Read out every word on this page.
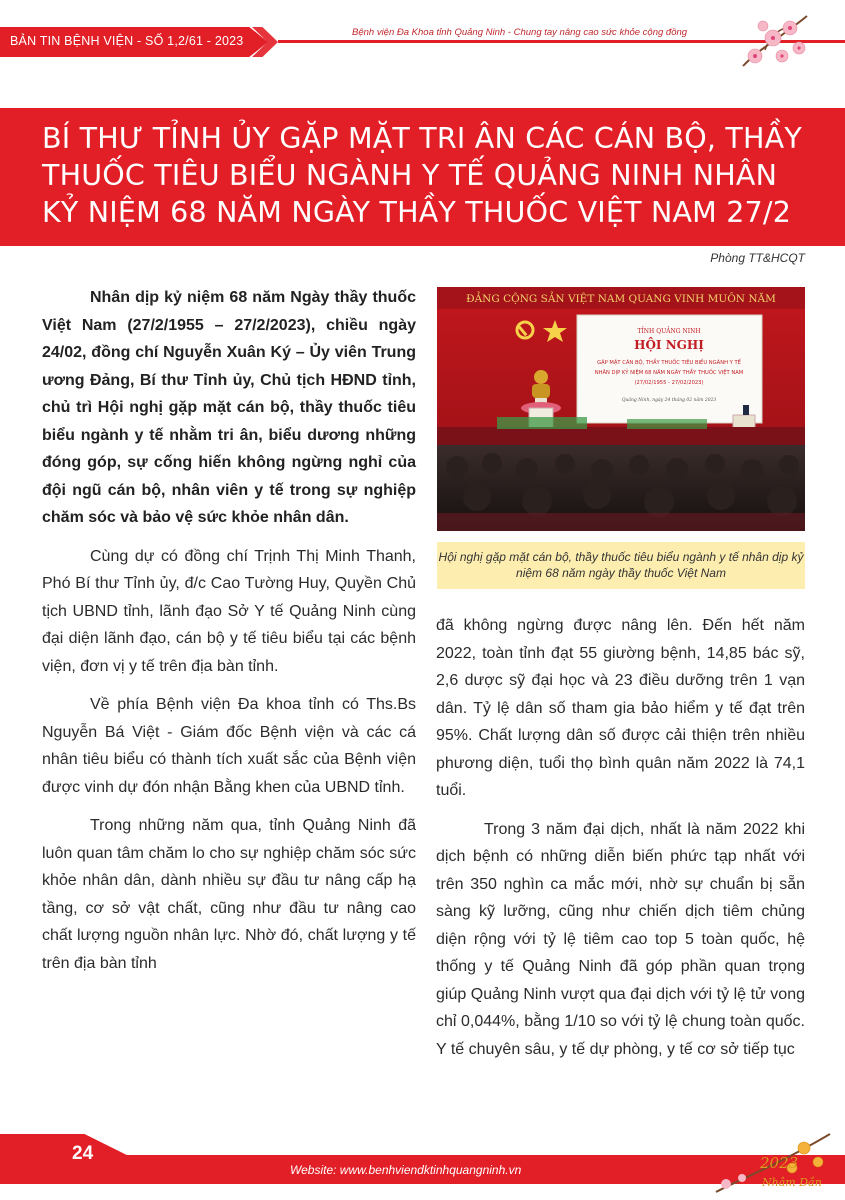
BẢN TIN BỆNH VIỆN - SỐ 1,2/61 - 2023
Bệnh viện Đa Khoa tỉnh Quảng Ninh - Chung tay nâng cao sức khỏe cộng đồng
BÍ THƯ TỈNH ỦY GẶP MẶT TRI ÂN CÁC CÁN BỘ, THẦY THUỐC TIÊU BIỂU NGÀNH Y TẾ QUẢNG NINH NHÂN KỶ NIỆM 68 NĂM NGÀY THẦY THUỐC VIỆT NAM 27/2
Phòng TT&HCQT

Nhân dịp kỷ niệm 68 năm Ngày thầy thuốc Việt Nam (27/2/1955 – 27/2/2023), chiều ngày 24/02, đồng chí Nguyễn Xuân Ký – Ủy viên Trung ương Đảng, Bí thư Tỉnh ủy, Chủ tịch HĐND tỉnh, chủ trì Hội nghị gặp mặt cán bộ, thầy thuốc tiêu biểu ngành y tế nhằm tri ân, biểu dương những đóng góp, sự cống hiến không ngừng nghỉ của đội ngũ cán bộ, nhân viên y tế trong sự nghiệp chăm sóc và bảo vệ sức khỏe nhân dân.

Cùng dự có đồng chí Trịnh Thị Minh Thanh, Phó Bí thư Tỉnh ủy, đ/c Cao Tường Huy, Quyền Chủ tịch UBND tỉnh, lãnh đạo Sở Y tế Quảng Ninh cùng đại diện lãnh đạo, cán bộ y tế tiêu biểu tại các bệnh viện, đơn vị y tế trên địa bàn tỉnh.

Về phía Bệnh viện Đa khoa tỉnh có Ths.Bs Nguyễn Bá Việt - Giám đốc Bệnh viện và các cá nhân tiêu biểu có thành tích xuất sắc của Bệnh viện được vinh dự đón nhận Bằng khen của UBND tỉnh.

Trong những năm qua, tỉnh Quảng Ninh đã luôn quan tâm chăm lo cho sự nghiệp chăm sóc sức khỏe nhân dân, dành nhiều sự đầu tư nâng cấp hạ tầng, cơ sở vật chất, cũng như đầu tư nâng cao chất lượng nguồn nhân lực. Nhờ đó, chất lượng y tế trên địa bàn tỉnh

ĐẢNG CỘNG SẢN VIỆT NAM QUANG VINH MUÔN NĂM
TỈNH QUẢNG NINH
HỘI NGHỊ
GẶP MẶT CÁN BỘ, THẦY THUỐC TIÊU BIỂU NGÀNH Y TẾ
NHÂN DỊP KỶ NIỆM 68 NĂM NGÀY THẦY THUỐC VIỆT NAM
(27/02/1955 - 27/02/2023)
Quảng Ninh, ngày 24 tháng 02 năm 2023
Hội nghị gặp mặt cán bộ, thầy thuốc tiêu biểu ngành y tế nhân dịp kỷ niệm 68 năm ngày thầy thuốc Việt Nam

đã không ngừng được nâng lên. Đến hết năm 2022, toàn tỉnh đạt 55 giường bệnh, 14,85 bác sỹ, 2,6 dược sỹ đại học và 23 điều dưỡng trên 1 vạn dân. Tỷ lệ dân số tham gia bảo hiểm y tế đạt trên 95%. Chất lượng dân số được cải thiện trên nhiều phương diện, tuổi thọ bình quân năm 2022 là 74,1 tuổi.

Trong 3 năm đại dịch, nhất là năm 2022 khi dịch bệnh có những diễn biến phức tạp nhất với trên 350 nghìn ca mắc mới, nhờ sự chuẩn bị sẵn sàng kỹ lưỡng, cũng như chiến dịch tiêm chủng diện rộng với tỷ lệ tiêm cao top 5 toàn quốc, hệ thống y tế Quảng Ninh đã góp phần quan trọng giúp Quảng Ninh vượt qua đại dịch với tỷ lệ tử vong chỉ 0,044%, bằng 1/10 so với tỷ lệ chung toàn quốc. Y tế chuyên sâu, y tế dự phòng, y tế cơ sở tiếp tục

24
Website: www.benhviendktinhquangninh.vn	2023
Nhâm Dần
